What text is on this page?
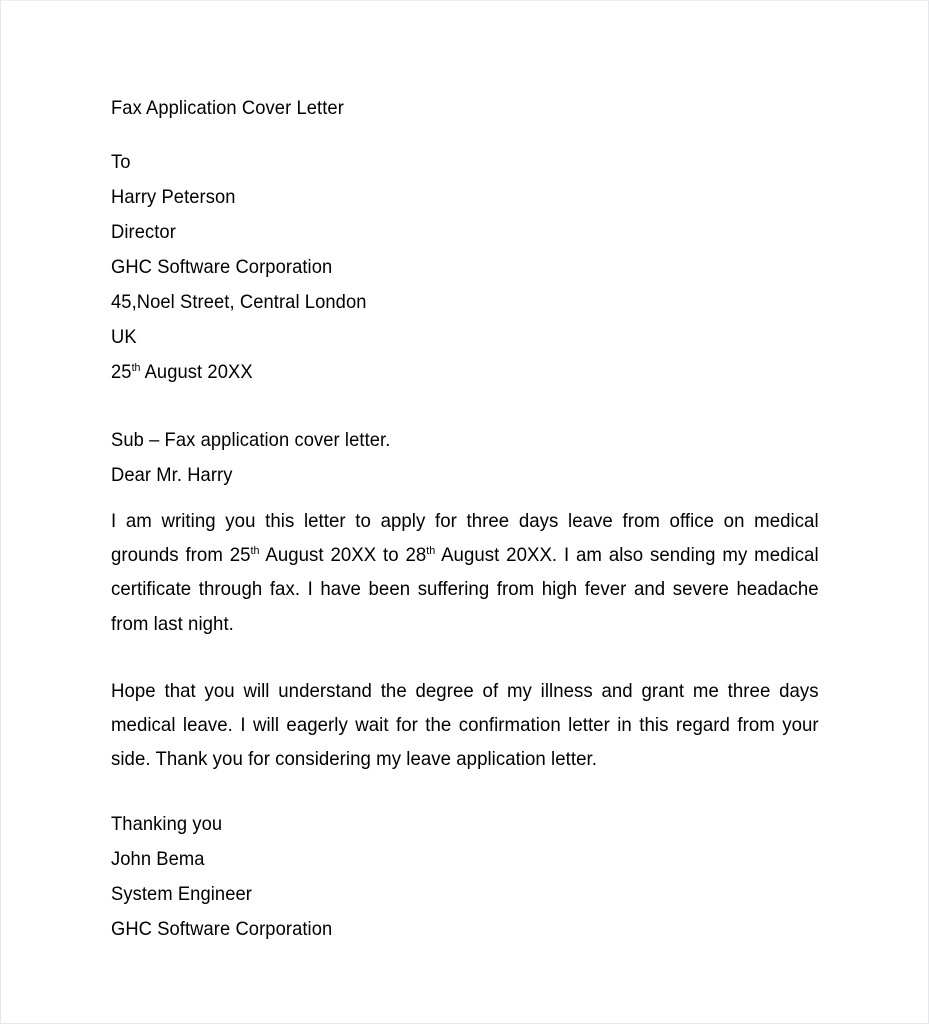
Fax Application Cover Letter
To
Harry Peterson
Director
GHC Software Corporation
45,Noel Street, Central London
UK
25th August 20XX
Sub – Fax application cover letter.
Dear Mr. Harry
I am writing you this letter to apply for three days leave from office on medical grounds from 25th August 20XX to 28th August 20XX. I am also sending my medical certificate through fax. I have been suffering from high fever and severe headache from last night.
Hope that you will understand the degree of my illness and grant me three days medical leave. I will eagerly wait for the confirmation letter in this regard from your side. Thank you for considering my leave application letter.
Thanking you
John Bema
System Engineer
GHC Software Corporation
